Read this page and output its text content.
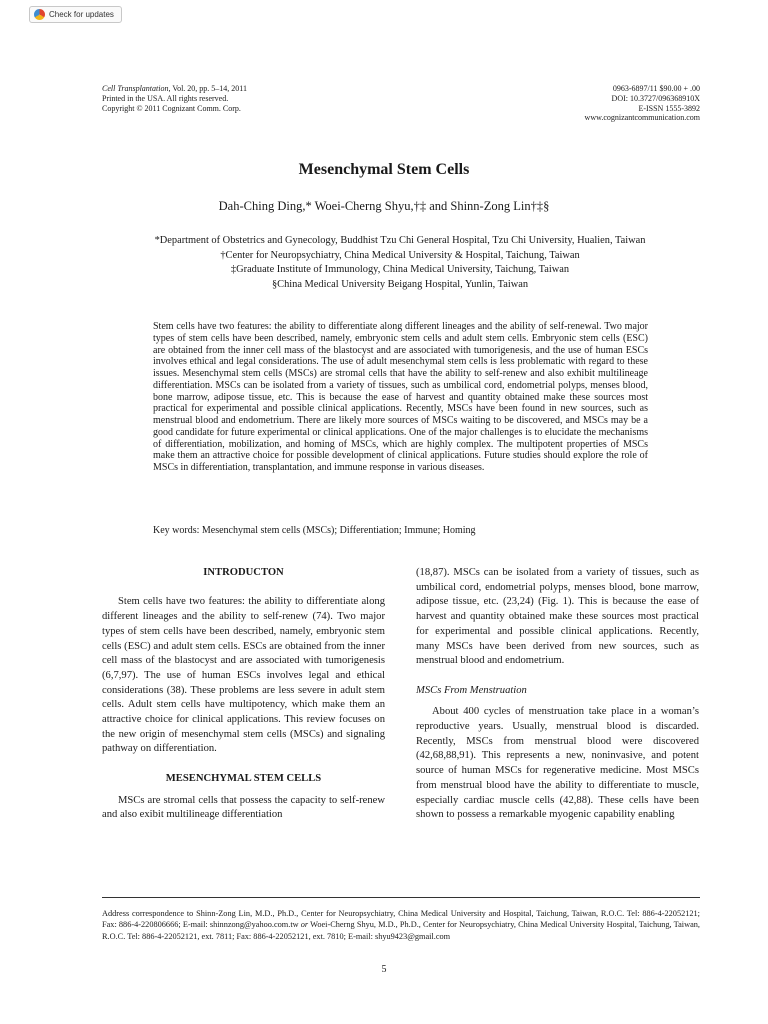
Check for updates
Cell Transplantation, Vol. 20, pp. 5–14, 2011
Printed in the USA. All rights reserved.
Copyright © 2011 Cognizant Comm. Corp.
0963-6897/11 $90.00 + .00
DOI: 10.3727/096368910X
E-ISSN 1555-3892
www.cognizantcommunication.com
Mesenchymal Stem Cells
Dah-Ching Ding,* Woei-Cherng Shyu,†‡ and Shinn-Zong Lin†‡§
*Department of Obstetrics and Gynecology, Buddhist Tzu Chi General Hospital, Tzu Chi University, Hualien, Taiwan
†Center for Neuropsychiatry, China Medical University & Hospital, Taichung, Taiwan
‡Graduate Institute of Immunology, China Medical University, Taichung, Taiwan
§China Medical University Beigang Hospital, Yunlin, Taiwan
Stem cells have two features: the ability to differentiate along different lineages and the ability of self-renewal. Two major types of stem cells have been described, namely, embryonic stem cells and adult stem cells. Embryonic stem cells (ESC) are obtained from the inner cell mass of the blastocyst and are associated with tumorigenesis, and the use of human ESCs involves ethical and legal considerations. The use of adult mesenchymal stem cells is less problematic with regard to these issues. Mesenchymal stem cells (MSCs) are stromal cells that have the ability to self-renew and also exhibit multilineage differentiation. MSCs can be isolated from a variety of tissues, such as umbilical cord, endometrial polyps, menses blood, bone marrow, adipose tissue, etc. This is because the ease of harvest and quantity obtained make these sources most practical for experimental and possible clinical applications. Recently, MSCs have been found in new sources, such as menstrual blood and endometrium. There are likely more sources of MSCs waiting to be discovered, and MSCs may be a good candidate for future experimental or clinical applications. One of the major challenges is to elucidate the mechanisms of differentiation, mobilization, and homing of MSCs, which are highly complex. The multipotent properties of MSCs make them an attractive choice for possible development of clinical applications. Future studies should explore the role of MSCs in differentiation, transplantation, and immune response in various diseases.
Key words: Mesenchymal stem cells (MSCs); Differentiation; Immune; Homing
INTRODUCTON

Stem cells have two features: the ability to differentiate along different lineages and the ability to self-renew (74). Two major types of stem cells have been described, namely, embryonic stem cells (ESC) and adult stem cells. ESCs are obtained from the inner cell mass of the blastocyst and are associated with tumorigenesis (6,7,97). The use of human ESCs involves legal and ethical considerations (38). These problems are less severe in adult stem cells. Adult stem cells have multipotency, which make them an attractive choice for clinical applications. This review focuses on the new origin of mesenchymal stem cells (MSCs) and signaling pathway on differentiation.

MESENCHYMAL STEM CELLS

MSCs are stromal cells that possess the capacity to self-renew and also exibit multilineage differentiation

(18,87). MSCs can be isolated from a variety of tissues, such as umbilical cord, endometrial polyps, menses blood, bone marrow, adipose tissue, etc. (23,24) (Fig. 1). This is because the ease of harvest and quantity obtained make these sources most practical for experimental and possible clinical applications. Recently, many MSCs have been derived from new sources, such as menstrual blood and endometrium.

MSCs From Menstruation

About 400 cycles of menstruation take place in a woman’s reproductive years. Usually, menstrual blood is discarded. Recently, MSCs from menstrual blood were discovered (42,68,88,91). This represents a new, noninvasive, and potent source of human MSCs for regenerative medicine. Most MSCs from menstrual blood have the ability to differentiate to muscle, especially cardiac muscle cells (42,88). These cells have been shown to possess a remarkable myogenic capability enabling

Address correspondence to Shinn-Zong Lin, M.D., Ph.D., Center for Neuropsychiatry, China Medical University and Hospital, Taichung, Taiwan, R.O.C. Tel: 886-4-22052121; Fax: 886-4-220806666; E-mail: shinnzong@yahoo.com.tw or Woei-Cherng Shyu, M.D., Ph.D., Center for Neuropsychiatry, China Medical University Hospital, Taichung, Taiwan, R.O.C. Tel: 886-4-22052121, ext. 7811; Fax: 886-4-22052121, ext. 7810; E-mail: shyu9423@gmail.com
5
